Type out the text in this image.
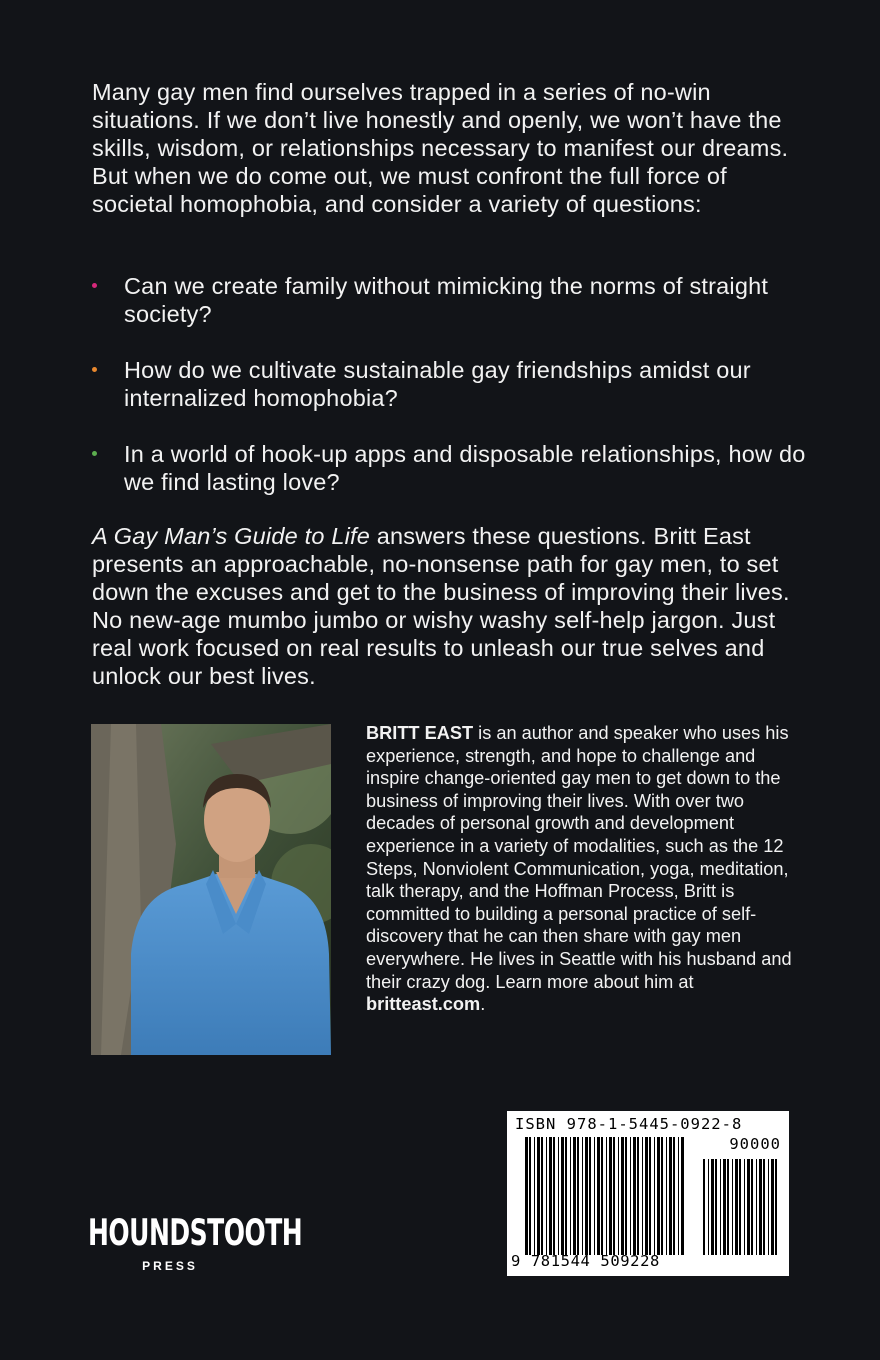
Many gay men find ourselves trapped in a series of no-win situations. If we don’t live honestly and openly, we won’t have the skills, wisdom, or relationships necessary to manifest our dreams. But when we do come out, we must confront the full force of societal homophobia, and consider a variety of questions:

Can we create family without mimicking the norms of straight society?
How do we cultivate sustainable gay friendships amidst our internalized homophobia?
In a world of hook-up apps and disposable relationships, how do we find lasting love?

A Gay Man’s Guide to Life answers these questions. Britt East presents an approachable, no-nonsense path for gay men, to set down the excuses and get to the business of improving their lives. No new-age mumbo jumbo or wishy washy self-help jargon. Just real work focused on real results to unleash our true selves and unlock our best lives.

BRITT EAST is an author and speaker who uses his experience, strength, and hope to challenge and inspire change-oriented gay men to get down to the business of improving their lives. With over two decades of personal growth and development experience in a variety of modalities, such as the 12 Steps, Nonviolent Communication, yoga, meditation, talk therapy, and the Hoffman Process, Britt is committed to building a personal practice of self-discovery that he can then share with gay men everywhere. He lives in Seattle with his husband and their crazy dog. Learn more about him at britteast.com.

HOUNDSTOOTH
PRESS
ISBN 978-1-5445-0922-8
90000
9 781544 509228
